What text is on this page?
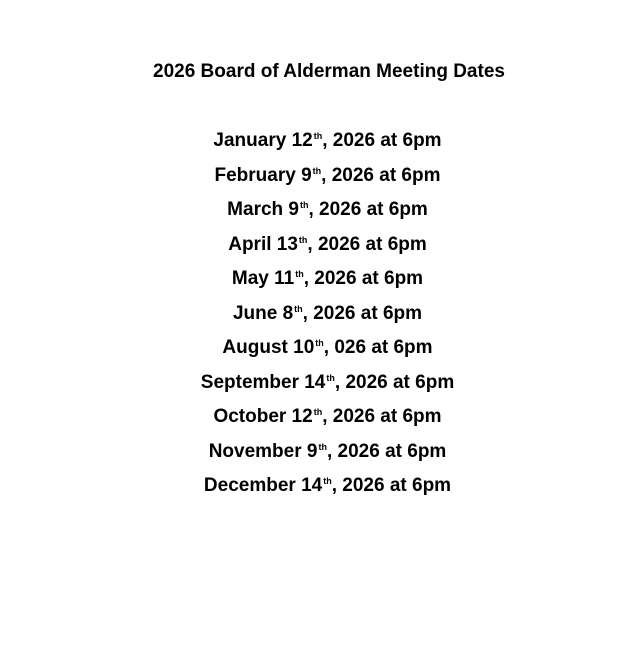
2026 Board of Alderman Meeting Dates
January 12th, 2026 at 6pm
February 9th, 2026 at 6pm
March 9th, 2026 at 6pm
April 13th, 2026 at 6pm
May 11th, 2026 at 6pm
June 8th, 2026 at 6pm
August 10th, 026 at 6pm
September 14th, 2026 at 6pm
October 12th, 2026 at 6pm
November 9th, 2026 at 6pm
December 14th, 2026 at 6pm
